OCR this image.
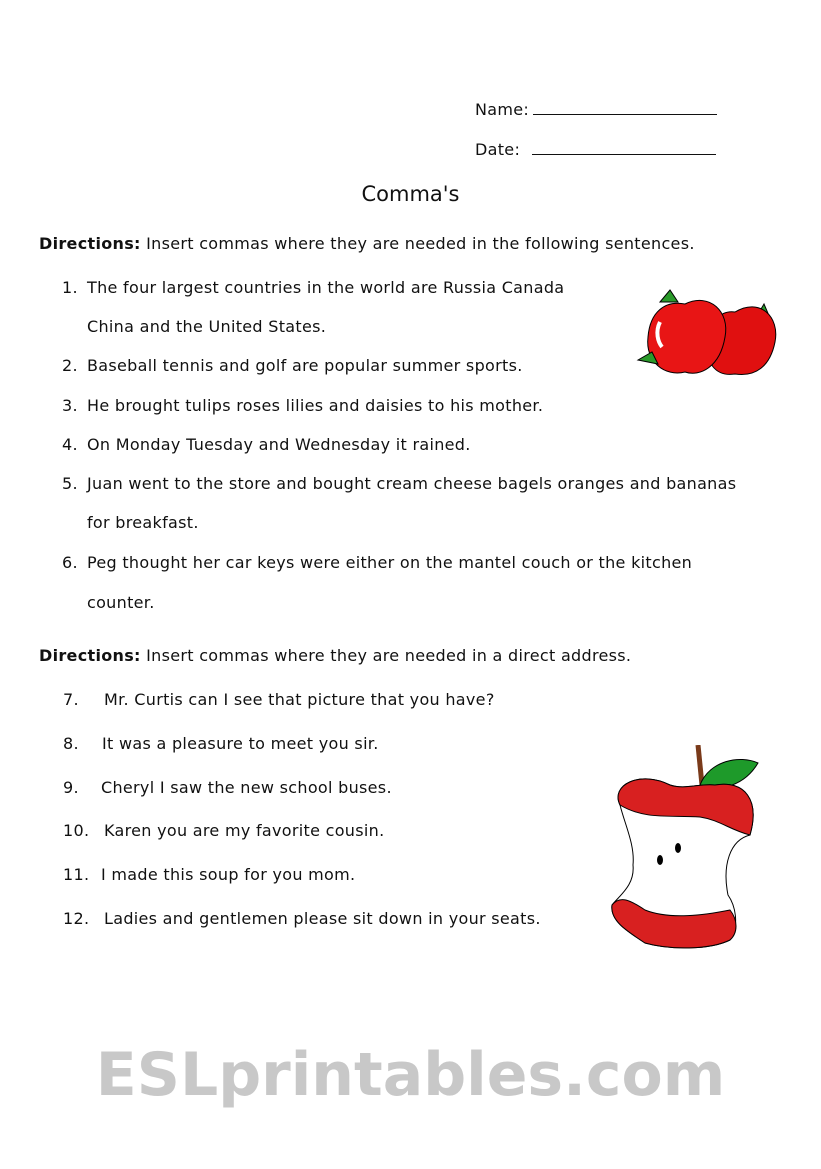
ESLprintables.com
Name:
Date:
Comma's
Directions: Insert commas where they are needed in the following sentences.
1. The four largest countries in the world are Russia Canada
China and the United States.
2. Baseball tennis and golf are popular summer sports.
3. He brought tulips roses lilies and daisies to his mother.
4. On Monday Tuesday and Wednesday it rained.
5. Juan went to the store and bought cream cheese bagels oranges and bananas
for breakfast.
6. Peg thought her car keys were either on the mantel couch or the kitchen
counter.
Directions: Insert commas where they are needed in a direct address.
7. Mr. Curtis can I see that picture that you have?
8. It was a pleasure to meet you sir.
9. Cheryl I saw the new school buses.
10. Karen you are my favorite cousin.
11. I made this soup for you mom.
12. Ladies and gentlemen please sit down in your seats.
